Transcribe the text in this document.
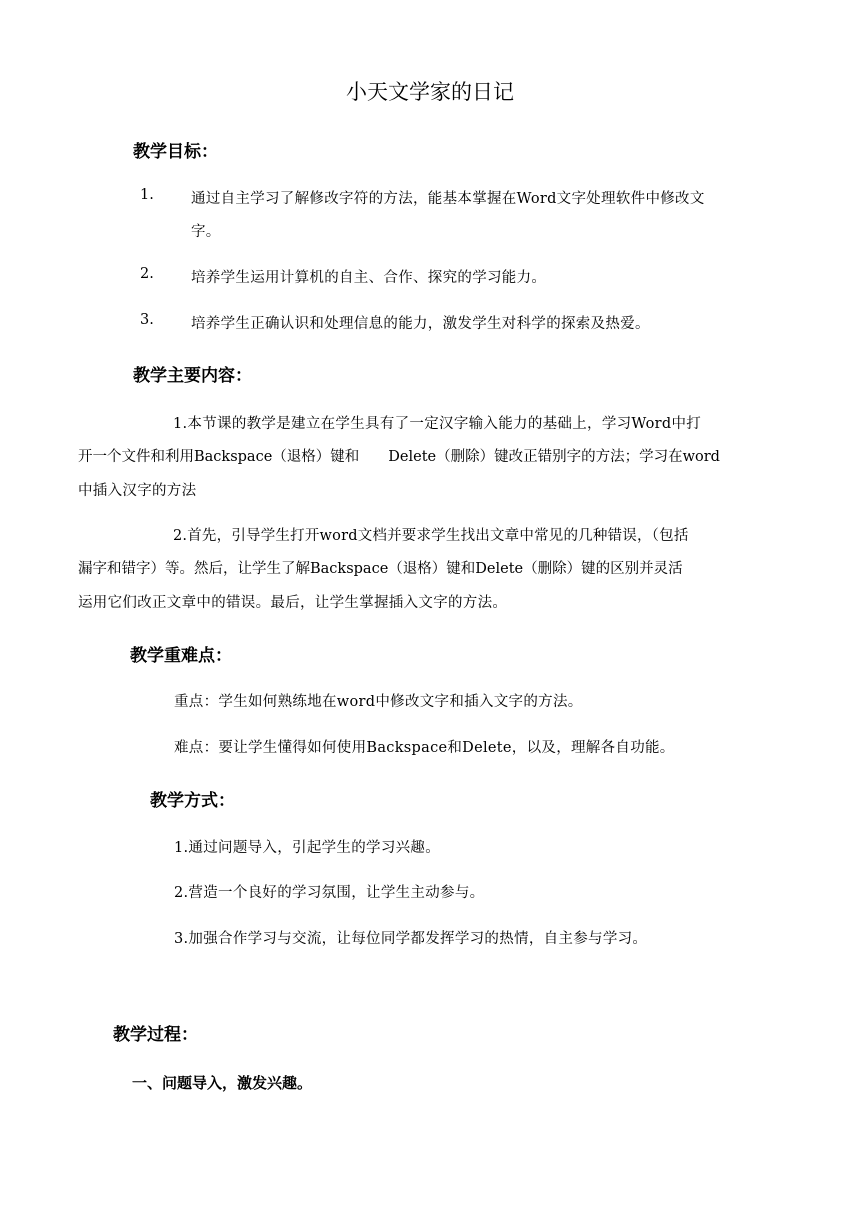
小天文学家的日记
教学目标：
1.	通过自主学习了解修改字符的方法，能基本掌握在Word文字处理软件中修改文
字。
2.	培养学生运用计算机的自主、合作、探究的学习能力。
3.	培养学生正确认识和处理信息的能力，激发学生对科学的探索及热爱。
教学主要内容：
1.本节课的教学是建立在学生具有了一定汉字输入能力的基础上，学习Word中打
开一个文件和利用Backspace（退格）键和　　Delete（删除）键改正错别字的方法；学习在word
中插入汉字的方法
2.首先，引导学生打开word文档并要求学生找出文章中常见的几种错误，（包括
漏字和错字）等。然后，让学生了解Backspace（退格）键和Delete（删除）键的区别并灵活
运用它们改正文章中的错误。最后，让学生掌握插入文字的方法。
教学重难点：
重点：学生如何熟练地在word中修改文字和插入文字的方法。
难点：要让学生懂得如何使用Backspace和Delete，以及，理解各自功能。
教学方式：
1.通过问题导入，引起学生的学习兴趣。
2.营造一个良好的学习氛围，让学生主动参与。
3.加强合作学习与交流，让每位同学都发挥学习的热情，自主参与学习。
教学过程：
一、问题导入，激发兴趣。
